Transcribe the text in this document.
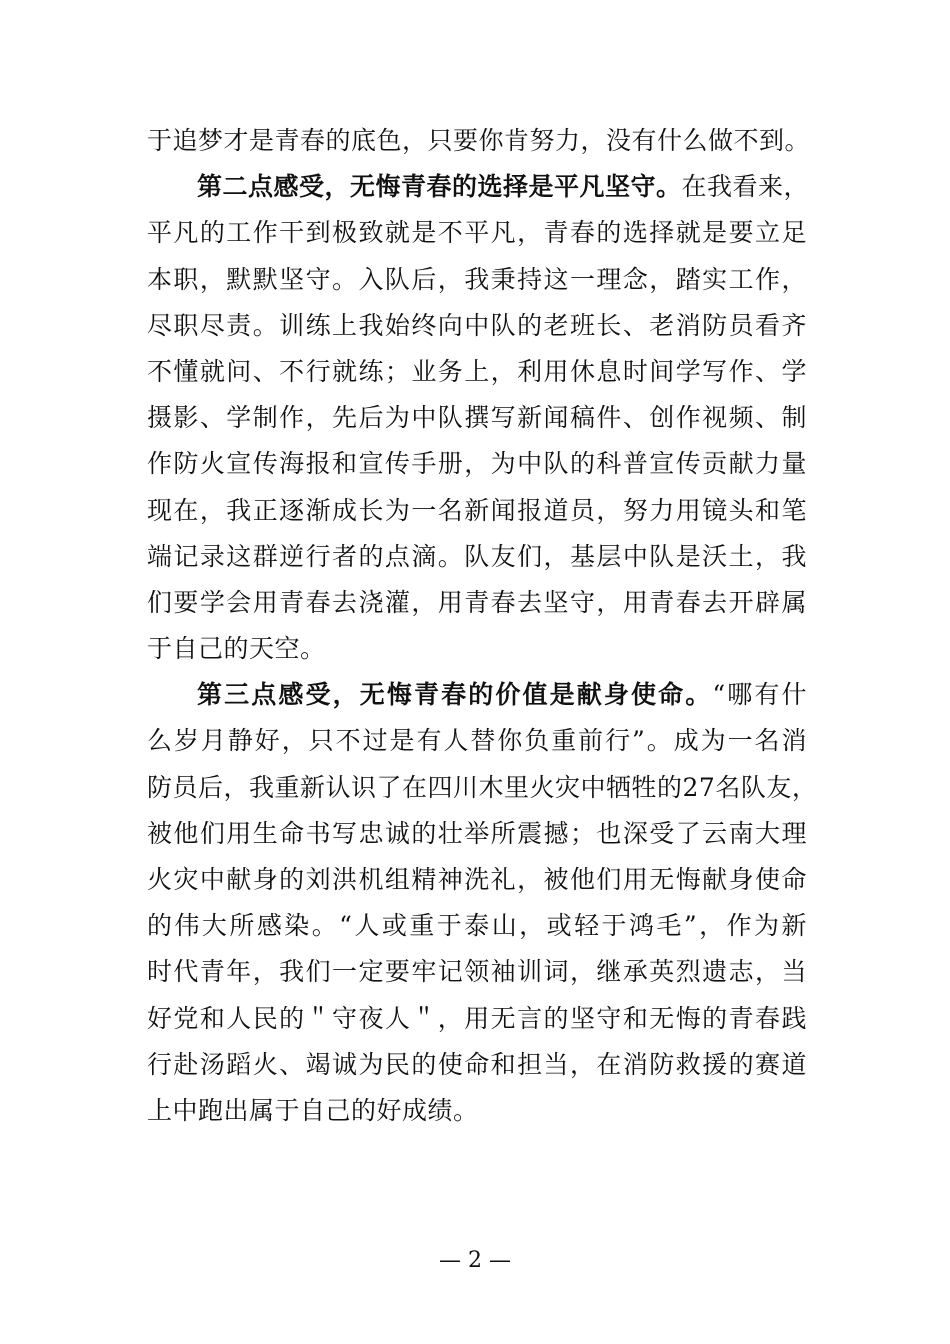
于追梦才是青春的底色，只要你肯努力，没有什么做不到。
第二点感受，无悔青春的选择是平凡坚守。在我看来，
平凡的工作干到极致就是不平凡，青春的选择就是要立足
本职，默默坚守。入队后，我秉持这一理念，踏实工作，
尽职尽责。训练上我始终向中队的老班长、老消防员看齐
不懂就问、不行就练；业务上，利用休息时间学写作、学
摄影、学制作，先后为中队撰写新闻稿件、创作视频、制
作防火宣传海报和宣传手册，为中队的科普宣传贡献力量
现在，我正逐渐成长为一名新闻报道员，努力用镜头和笔
端记录这群逆行者的点滴。队友们，基层中队是沃土，我
们要学会用青春去浇灌，用青春去坚守，用青春去开辟属
于自己的天空。
第三点感受，无悔青春的价值是献身使命。“哪有什
么岁月静好，只不过是有人替你负重前行”。成为一名消
防员后，我重新认识了在四川木里火灾中牺牲的27名队友，
被他们用生命书写忠诚的壮举所震撼；也深受了云南大理
火灾中献身的刘洪机组精神洗礼，被他们用无悔献身使命
的伟大所感染。“人或重于泰山，或轻于鸿毛”，作为新
时代青年，我们一定要牢记领袖训词，继承英烈遗志，当
好党和人民的＂守夜人＂，用无言的坚守和无悔的青春践
行赴汤蹈火、竭诚为民的使命和担当，在消防救援的赛道
上中跑出属于自己的好成绩。
— 2 —
